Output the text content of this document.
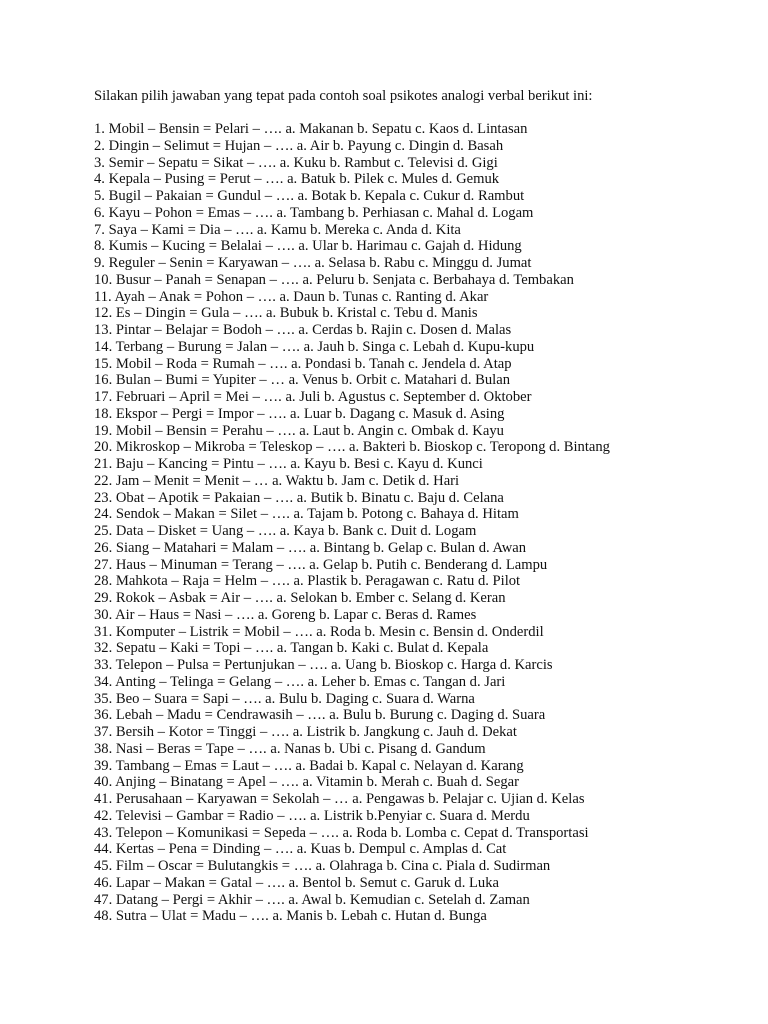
Silakan pilih jawaban yang tepat pada contoh soal psikotes analogi verbal berikut ini:
1. Mobil – Bensin = Pelari – …. a. Makanan b. Sepatu c. Kaos d. Lintasan
2. Dingin – Selimut = Hujan – …. a. Air b. Payung c. Dingin d. Basah
3. Semir – Sepatu = Sikat – …. a. Kuku b. Rambut c. Televisi d. Gigi
4. Kepala – Pusing = Perut – …. a. Batuk b. Pilek c. Mules d. Gemuk
5. Bugil – Pakaian = Gundul – …. a. Botak b. Kepala c. Cukur d. Rambut
6. Kayu – Pohon = Emas – …. a. Tambang b. Perhiasan c. Mahal d. Logam
7. Saya – Kami = Dia – …. a. Kamu b. Mereka c. Anda d. Kita
8. Kumis – Kucing = Belalai – …. a. Ular b. Harimau c. Gajah d. Hidung
9. Reguler – Senin = Karyawan – …. a. Selasa b. Rabu c. Minggu d. Jumat
10. Busur – Panah = Senapan – …. a. Peluru b. Senjata c. Berbahaya d. Tembakan
11. Ayah – Anak = Pohon – …. a. Daun b. Tunas c. Ranting d. Akar
12. Es – Dingin = Gula – …. a. Bubuk b. Kristal c. Tebu d. Manis
13. Pintar – Belajar = Bodoh – …. a. Cerdas b. Rajin c. Dosen d. Malas
14. Terbang – Burung = Jalan – …. a. Jauh b. Singa c. Lebah d. Kupu-kupu
15. Mobil – Roda = Rumah – …. a. Pondasi b. Tanah c. Jendela d. Atap
16. Bulan – Bumi = Yupiter – … a. Venus b. Orbit c. Matahari d. Bulan
17. Februari – April = Mei – …. a. Juli b. Agustus c. September d. Oktober
18. Ekspor – Pergi = Impor – …. a. Luar b. Dagang c. Masuk d. Asing
19. Mobil – Bensin = Perahu – …. a. Laut b. Angin c. Ombak d. Kayu
20. Mikroskop – Mikroba = Teleskop – …. a. Bakteri b. Bioskop c. Teropong d. Bintang
21. Baju – Kancing = Pintu – …. a. Kayu b. Besi c. Kayu d. Kunci
22. Jam – Menit = Menit – … a. Waktu b. Jam c. Detik d. Hari
23. Obat – Apotik = Pakaian – …. a. Butik b. Binatu c. Baju d. Celana
24. Sendok – Makan = Silet – …. a. Tajam b. Potong c. Bahaya d. Hitam
25. Data – Disket = Uang – …. a. Kaya b. Bank c. Duit d. Logam
26. Siang – Matahari = Malam – …. a. Bintang b. Gelap c. Bulan d. Awan
27. Haus – Minuman = Terang – …. a. Gelap b. Putih c. Benderang d. Lampu
28. Mahkota – Raja = Helm – …. a. Plastik b. Peragawan c. Ratu d. Pilot
29. Rokok – Asbak = Air – …. a. Selokan b. Ember c. Selang d. Keran
30. Air – Haus = Nasi – …. a. Goreng b. Lapar c. Beras d. Rames
31. Komputer – Listrik = Mobil – …. a. Roda b. Mesin c. Bensin d. Onderdil
32. Sepatu – Kaki = Topi – …. a. Tangan b. Kaki c. Bulat d. Kepala
33. Telepon – Pulsa = Pertunjukan – …. a. Uang b. Bioskop c. Harga d. Karcis
34. Anting – Telinga = Gelang – …. a. Leher b. Emas c. Tangan d. Jari
35. Beo – Suara = Sapi – …. a. Bulu b. Daging c. Suara d. Warna
36. Lebah – Madu = Cendrawasih – …. a. Bulu b. Burung c. Daging d. Suara
37. Bersih – Kotor = Tinggi – …. a. Listrik b. Jangkung c. Jauh d. Dekat
38. Nasi – Beras = Tape – …. a. Nanas b. Ubi c. Pisang d. Gandum
39. Tambang – Emas = Laut – …. a. Badai b. Kapal c. Nelayan d. Karang
40. Anjing – Binatang = Apel – …. a. Vitamin b. Merah c. Buah d. Segar
41. Perusahaan – Karyawan = Sekolah – … a. Pengawas b. Pelajar c. Ujian d. Kelas
42. Televisi – Gambar = Radio – …. a. Listrik b.Penyiar c. Suara d. Merdu
43. Telepon – Komunikasi = Sepeda – …. a. Roda b. Lomba c. Cepat d. Transportasi
44. Kertas – Pena = Dinding – …. a. Kuas b. Dempul c. Amplas d. Cat
45. Film – Oscar = Bulutangkis = …. a. Olahraga b. Cina c. Piala d. Sudirman
46. Lapar – Makan = Gatal – …. a. Bentol b. Semut c. Garuk d. Luka
47. Datang – Pergi = Akhir – …. a. Awal b. Kemudian c. Setelah d. Zaman
48. Sutra – Ulat = Madu – …. a. Manis b. Lebah c. Hutan d. Bunga
